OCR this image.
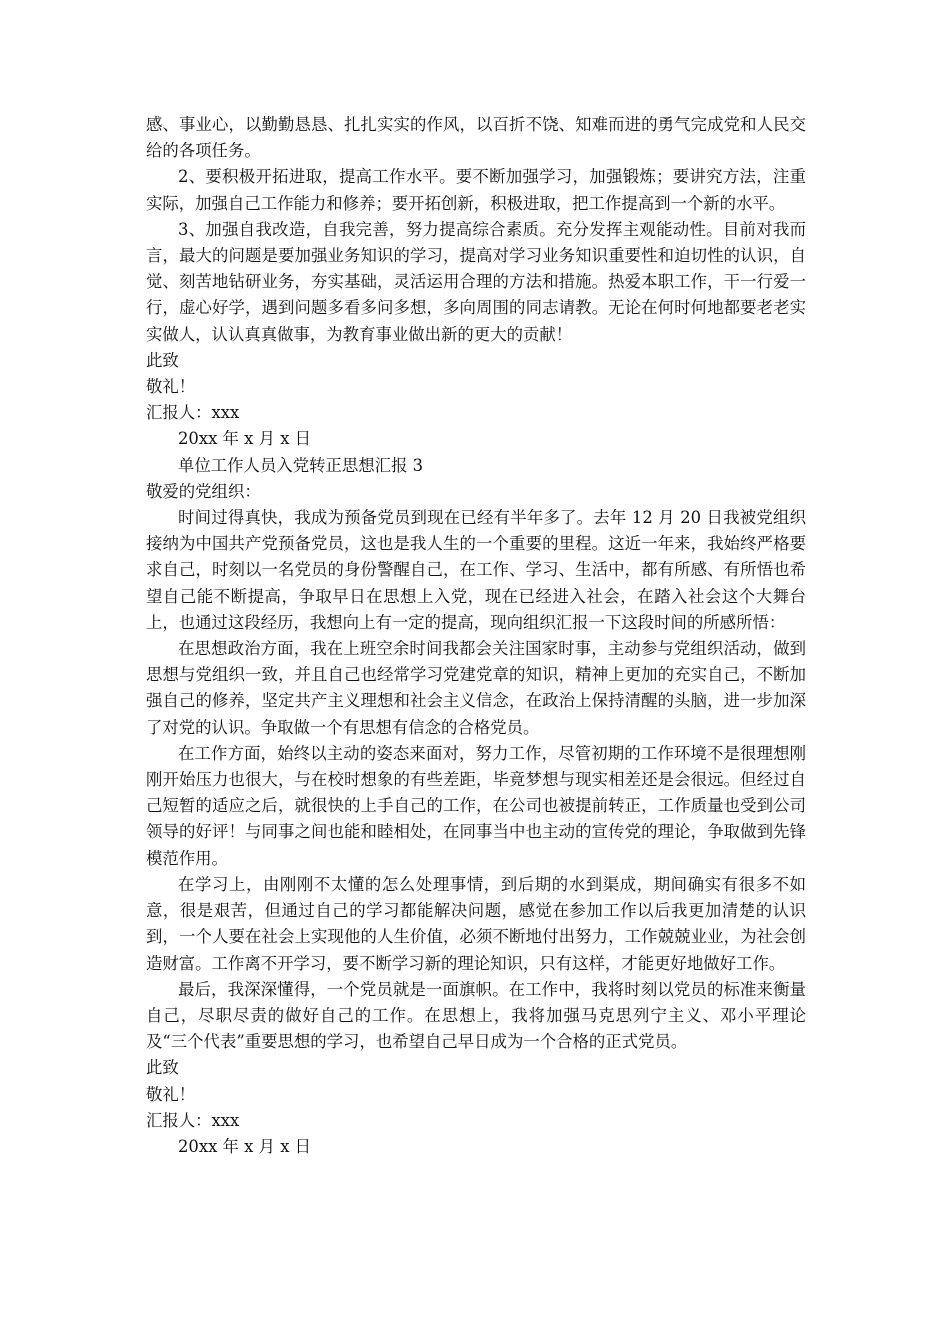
感、事业心，以勤勤恳恳、扎扎实实的作风，以百折不饶、知难而进的勇气完成党和人民交给的各项任务。

2、要积极开拓进取，提高工作水平。要不断加强学习，加强锻炼；要讲究方法，注重实际，加强自己工作能力和修养；要开拓创新，积极进取，把工作提高到一个新的水平。

3、加强自我改造，自我完善，努力提高综合素质。充分发挥主观能动性。目前对我而言，最大的问题是要加强业务知识的学习，提高对学习业务知识重要性和迫切性的认识，自觉、刻苦地钻研业务，夯实基础，灵活运用合理的方法和措施。热爱本职工作，干一行爱一行，虚心好学，遇到问题多看多问多想，多向周围的同志请教。无论在何时何地都要老老实实做人，认认真真做事，为教育事业做出新的更大的贡献！

此致

敬礼！

汇报人：xxx

20xx 年 x 月 x 日

单位工作人员入党转正思想汇报 3

敬爱的党组织：

时间过得真快，我成为预备党员到现在已经有半年多了。去年 12 月 20 日我被党组织接纳为中国共产党预备党员，这也是我人生的一个重要的里程。这近一年来，我始终严格要求自己，时刻以一名党员的身份警醒自己，在工作、学习、生活中，都有所感、有所悟也希望自己能不断提高，争取早日在思想上入党，现在已经进入社会，在踏入社会这个大舞台上，也通过这段经历，我想向上有一定的提高，现向组织汇报一下这段时间的所感所悟：

在思想政治方面，我在上班空余时间我都会关注国家时事，主动参与党组织活动，做到思想与党组织一致，并且自己也经常学习党建党章的知识，精神上更加的充实自己，不断加强自己的修养，坚定共产主义理想和社会主义信念，在政治上保持清醒的头脑，进一步加深了对党的认识。争取做一个有思想有信念的合格党员。

在工作方面，始终以主动的姿态来面对，努力工作，尽管初期的工作环境不是很理想刚刚开始压力也很大，与在校时想象的有些差距，毕竟梦想与现实相差还是会很远。但经过自己短暂的适应之后，就很快的上手自己的工作，在公司也被提前转正，工作质量也受到公司领导的好评！与同事之间也能和睦相处，在同事当中也主动的宣传党的理论，争取做到先锋模范作用。

在学习上，由刚刚不太懂的怎么处理事情，到后期的水到渠成，期间确实有很多不如意，很是艰苦，但通过自己的学习都能解决问题，感觉在参加工作以后我更加清楚的认识到，一个人要在社会上实现他的人生价值，必须不断地付出努力，工作兢兢业业，为社会创造财富。工作离不开学习，要不断学习新的理论知识，只有这样，才能更好地做好工作。

最后，我深深懂得，一个党员就是一面旗帜。在工作中，我将时刻以党员的标准来衡量自己，尽职尽责的做好自己的工作。在思想上，我将加强马克思列宁主义、邓小平理论及“三个代表”重要思想的学习，也希望自己早日成为一个合格的正式党员。

此致

敬礼！

汇报人：xxx

20xx 年 x 月 x 日
